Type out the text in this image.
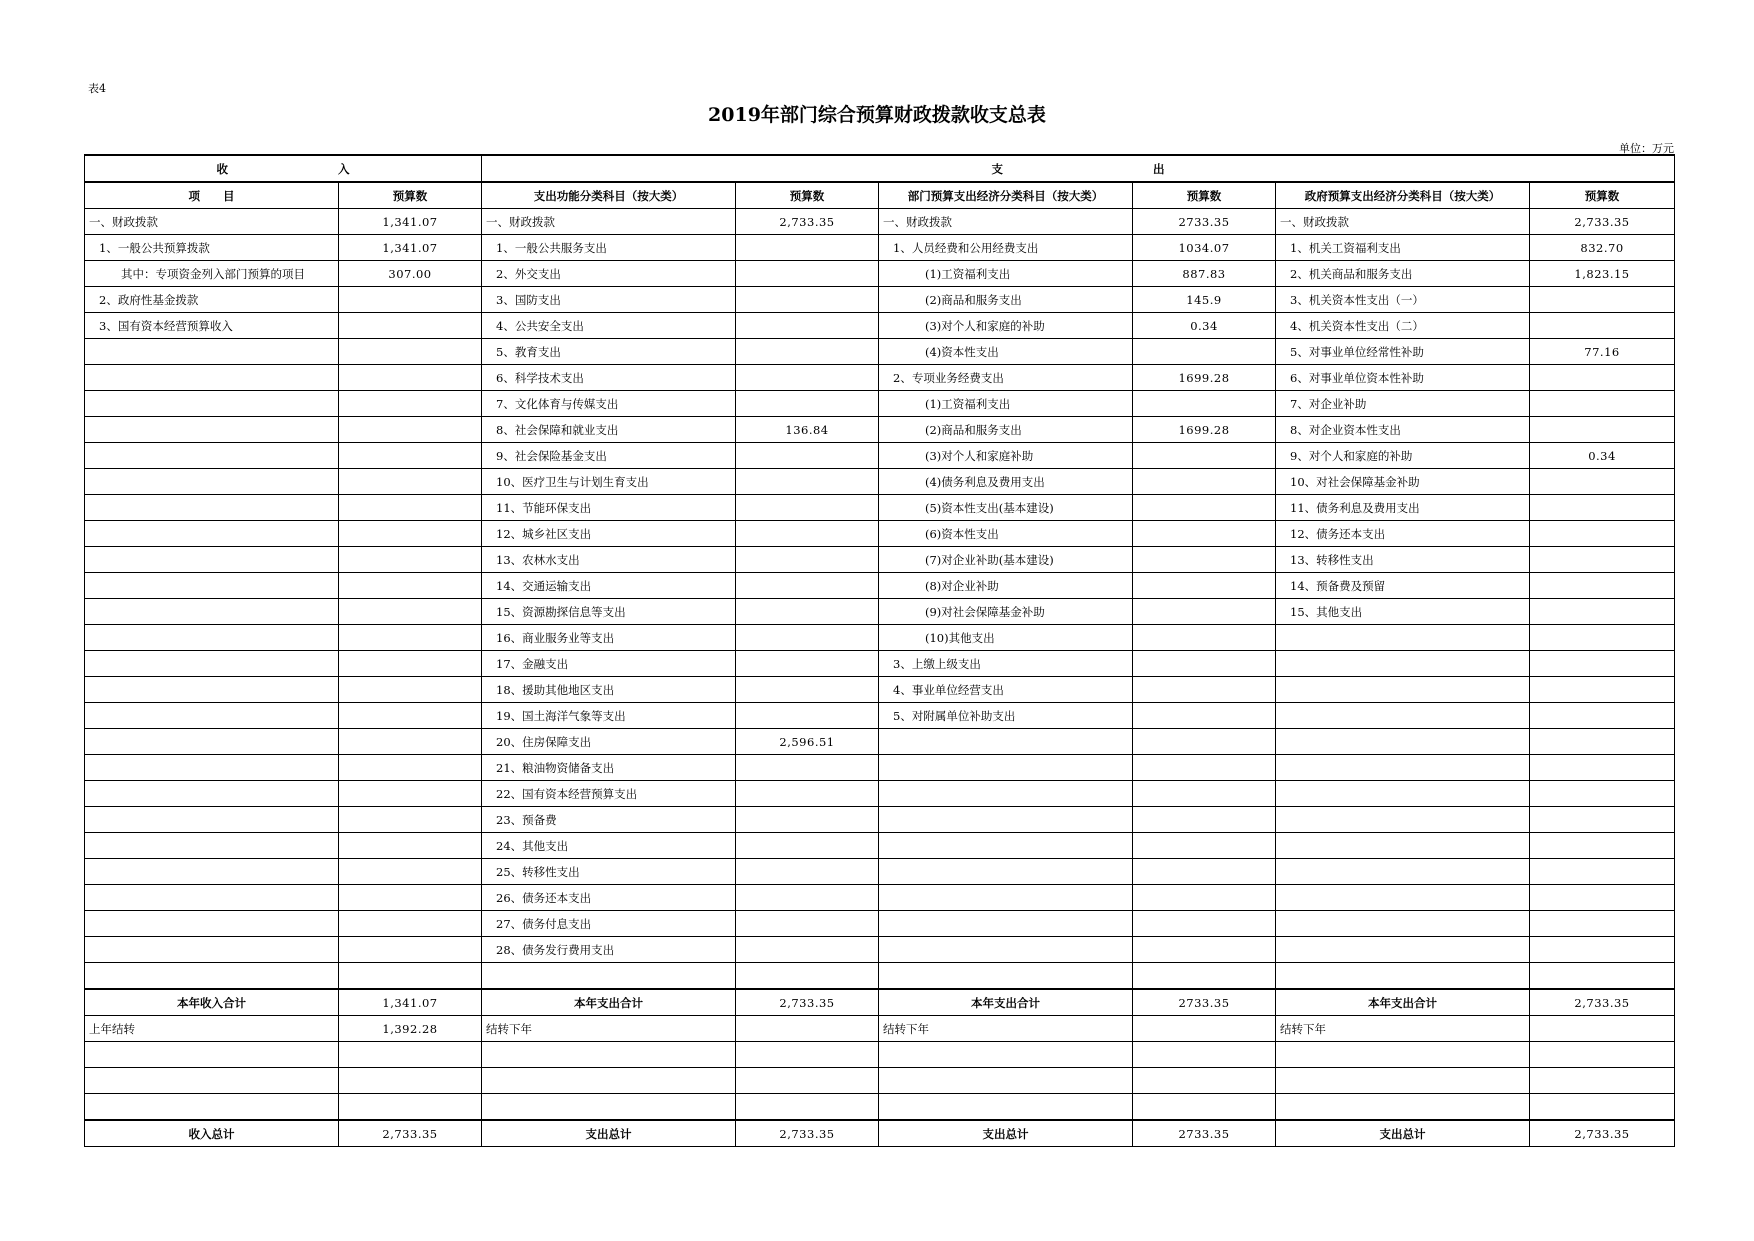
表4
2019年部门综合预算财政拨款收支总表
单位：万元
收 入		支 出					
项　　目	预算数	支出功能分类科目（按大类）	预算数	部门预算支出经济分类科目（按大类）	预算数	政府预算支出经济分类科目（按大类）	预算数
一、财政拨款	1,341.07	一、财政拨款	2,733.35	一、财政拨款	2733.35	一、财政拨款	2,733.35
1、一般公共预算拨款	1,341.07	1、一般公共服务支出		1、人员经费和公用经费支出	1034.07	1、机关工资福利支出	832.70
其中：专项资金列入部门预算的项目	307.00	2、外交支出		(1)工资福利支出	887.83	2、机关商品和服务支出	1,823.15
2、政府性基金拨款		3、国防支出		(2)商品和服务支出	145.9	3、机关资本性支出（一）	
3、国有资本经营预算收入		4、公共安全支出		(3)对个人和家庭的补助	0.34	4、机关资本性支出（二）	
		5、教育支出		(4)资本性支出		5、对事业单位经常性补助	77.16
		6、科学技术支出		2、专项业务经费支出	1699.28	6、对事业单位资本性补助	
		7、文化体育与传媒支出		(1)工资福利支出		7、对企业补助	
		8、社会保障和就业支出	136.84	(2)商品和服务支出	1699.28	8、对企业资本性支出	
		9、社会保险基金支出		(3)对个人和家庭补助		9、对个人和家庭的补助	0.34
		10、医疗卫生与计划生育支出		(4)债务利息及费用支出		10、对社会保障基金补助	
		11、节能环保支出		(5)资本性支出(基本建设)		11、债务利息及费用支出	
		12、城乡社区支出		(6)资本性支出		12、债务还本支出	
		13、农林水支出		(7)对企业补助(基本建设)		13、转移性支出	
		14、交通运输支出		(8)对企业补助		14、预备费及预留	
		15、资源勘探信息等支出		(9)对社会保障基金补助		15、其他支出	
		16、商业服务业等支出		(10)其他支出			
		17、金融支出		3、上缴上级支出			
		18、援助其他地区支出		4、事业单位经营支出			
		19、国土海洋气象等支出		5、对附属单位补助支出			
		20、住房保障支出	2,596.51				
		21、粮油物资储备支出					
		22、国有资本经营预算支出					
		23、预备费					
		24、其他支出					
		25、转移性支出					
		26、债务还本支出					
		27、债务付息支出					
		28、债务发行费用支出					

本年收入合计	1,341.07	本年支出合计	2,733.35	本年支出合计	2733.35	本年支出合计	2,733.35
上年结转	1,392.28	结转下年		结转下年		结转下年	

收入总计	2,733.35	支出总计	2,733.35	支出总计	2733.35	支出总计	2,733.35
